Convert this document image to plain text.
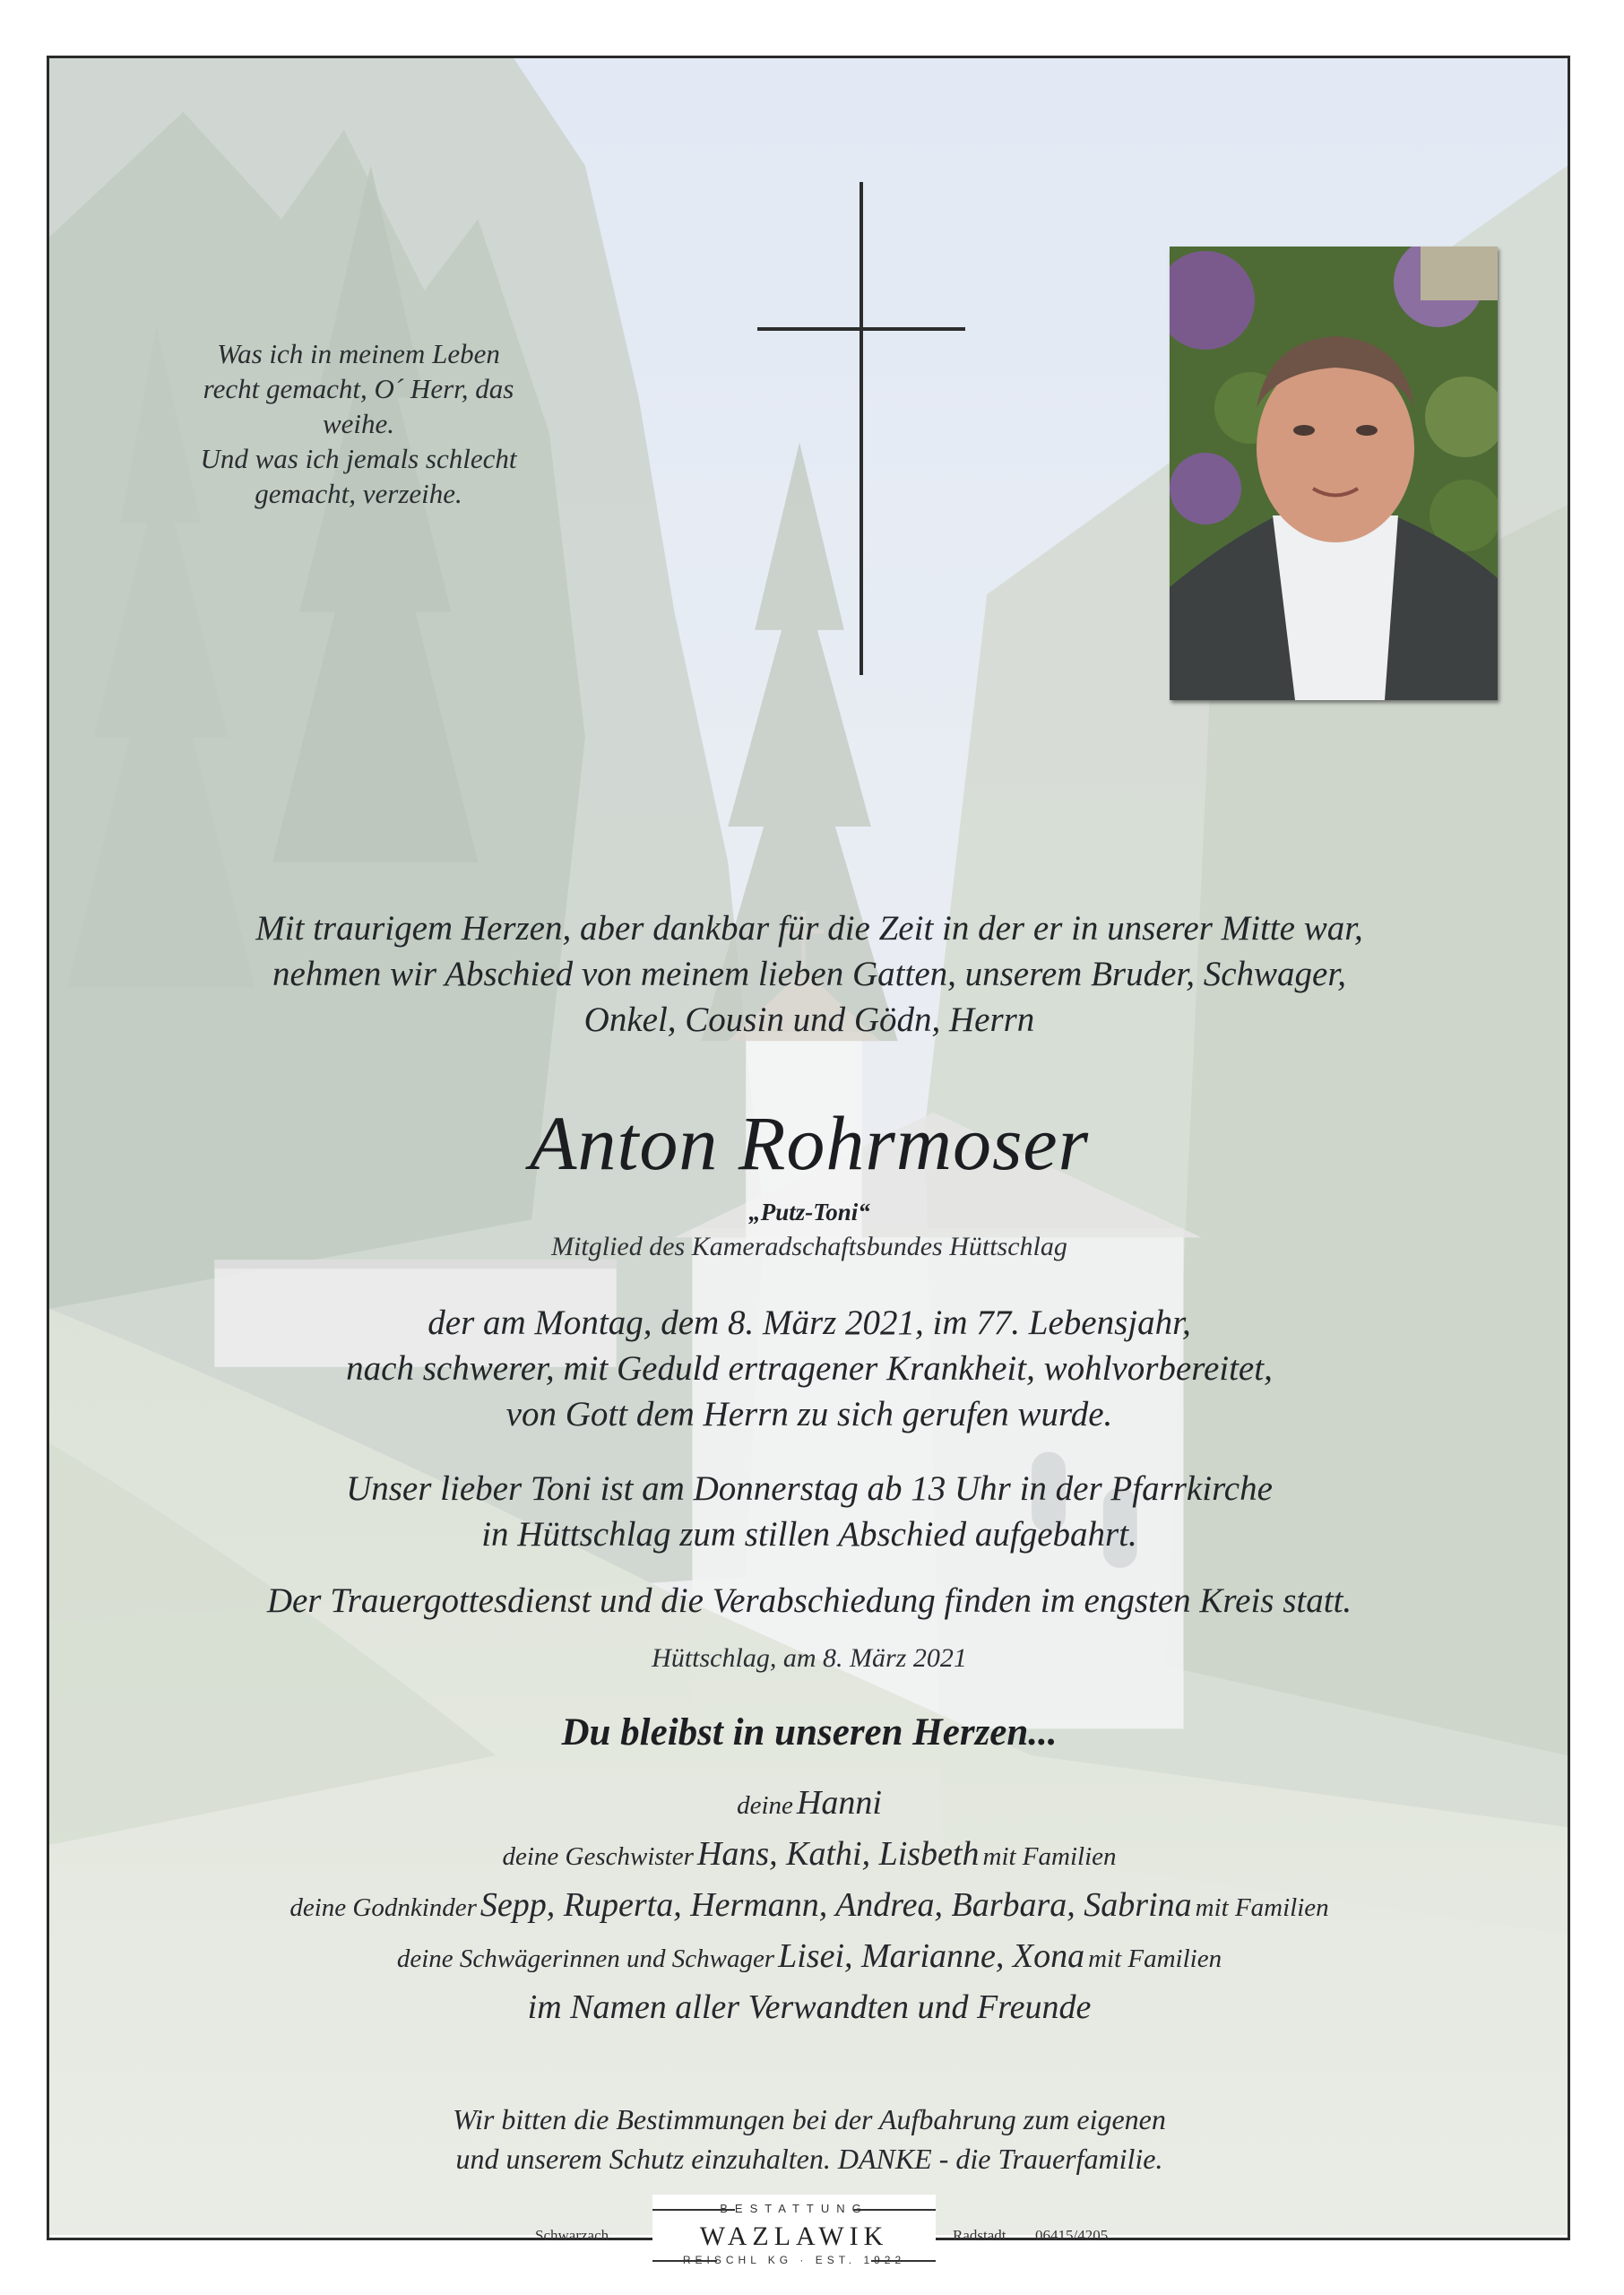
Was ich in meinem Leben
recht gemacht, O´ Herr, das weihe.
Und was ich jemals schlecht
gemacht, verzeihe.
Mit traurigem Herzen, aber dankbar für die Zeit in der er in unserer Mitte war,
nehmen wir Abschied von meinem lieben Gatten, unserem Bruder, Schwager,
Onkel, Cousin und Gödn, Herrn
Anton Rohrmoser
„Putz-Toni“
Mitglied des Kameradschaftsbundes Hüttschlag
der am Montag, dem 8. März 2021, im 77. Lebensjahr,
nach schwerer, mit Geduld ertragener Krankheit, wohlvorbereitet,
von Gott dem Herrn zu sich gerufen wurde.
Unser lieber Toni ist am Donnerstag ab 13 Uhr in der Pfarrkirche
in Hüttschlag zum stillen Abschied aufgebahrt.
Der Trauergottesdienst und die Verabschiedung finden im engsten Kreis statt.
Hüttschlag, am 8. März 2021
Du bleibst in unseren Herzen...
deine Hanni
deine Geschwister Hans, Kathi, Lisbeth mit Familien
deine Godnkinder Sepp, Ruperta, Hermann, Andrea, Barbara, Sabrina mit Familien
deine Schwägerinnen und Schwager Lisei, Marianne, Xona mit Familien
im Namen aller Verwandten und Freunde
Wir bitten die Bestimmungen bei der Aufbahrung zum eigenen
und unserem Schutz einzuhalten. DANKE - die Trauerfamilie.
Schwarzach
BESTATTUNG
WAZLAWIK
REISCHL KG · EST. 1922
Radstadt 06415/4205
